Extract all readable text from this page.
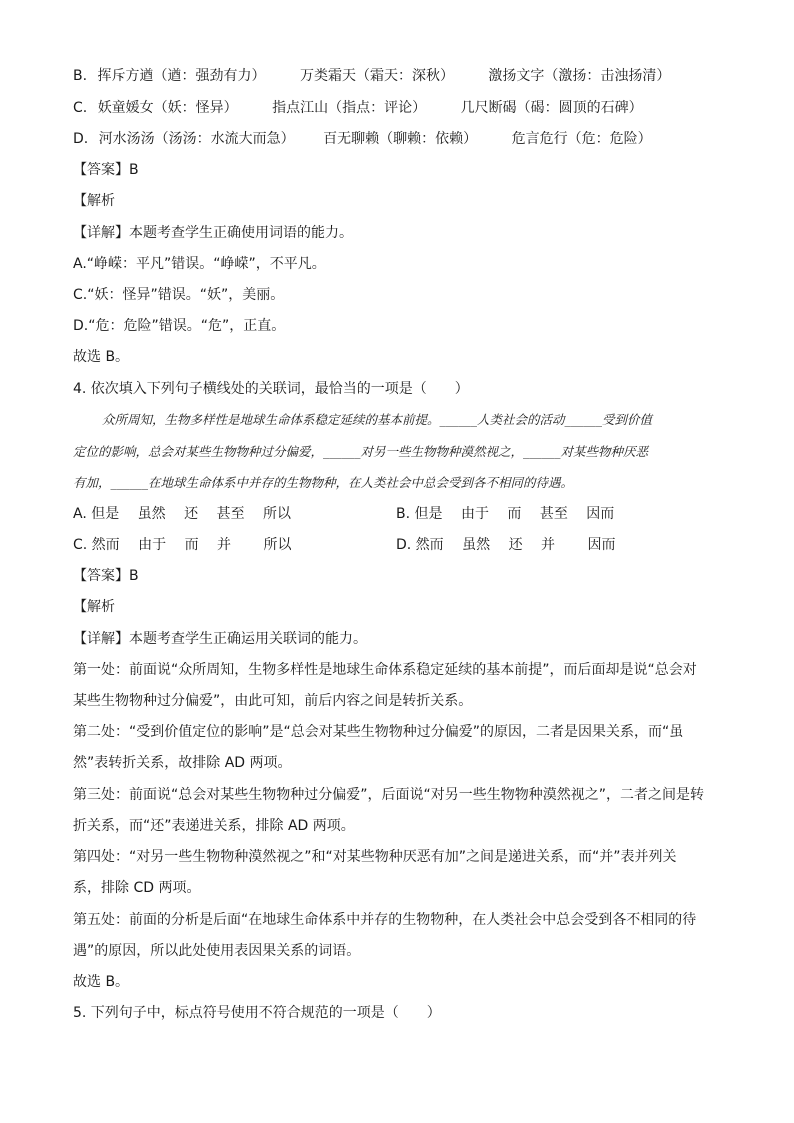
B. 挥斥方遒（遒：强劲有力） 万类霜天（霜天：深秋） 激扬文字（激扬：击浊扬清）
C. 妖童媛女（妖：怪异） 指点江山（指点：评论） 几尺断碣（碣：圆顶的石碑）
D. 河水汤汤（汤汤：水流大而急） 百无聊赖（聊赖：依赖） 危言危行（危：危险）
【答案】B
【解析
【详解】本题考查学生正确使用词语的能力。
A.“峥嵘：平凡”错误。“峥嵘”，不平凡。
C.“妖：怪异”错误。“妖”，美丽。
D.“危：危险”错误。“危”，正直。
故选 B。
4. 依次填入下列句子横线处的关联词，最恰当的一项是（　　）
众所周知，生物多样性是地球生命体系稳定延续的基本前提。______人类社会的活动______受到价值
定位的影响，总会对某些生物物种过分偏爱，______对另一些生物物种漠然视之，______对某些物种厌恶
有加，______在地球生命体系中并存的生物物种，在人类社会中总会受到各不相同的待遇。
A. 但是　 虽然　 还　 甚至　 所以	B. 但是　 由于　 而　 甚至　 因而
C. 然而　 由于　 而　 并　　 所以	D. 然而　 虽然　 还　 并　　 因而
【答案】B
【解析
【详解】本题考查学生正确运用关联词的能力。
第一处：前面说“众所周知，生物多样性是地球生命体系稳定延续的基本前提”，而后面却是说“总会对
某些生物物种过分偏爱”，由此可知，前后内容之间是转折关系。
第二处：“受到价值定位的影响”是“总会对某些生物物种过分偏爱”的原因，二者是因果关系，而“虽
然”表转折关系，故排除 AD 两项。
第三处：前面说“总会对某些生物物种过分偏爱”，后面说“对另一些生物物种漠然视之”，二者之间是转
折关系，而“还”表递进关系，排除 AD 两项。
第四处：“对另一些生物物种漠然视之”和“对某些物种厌恶有加”之间是递进关系，而“并”表并列关
系，排除 CD 两项。
第五处：前面的分析是后面“在地球生命体系中并存的生物物种，在人类社会中总会受到各不相同的待
遇”的原因，所以此处使用表因果关系的词语。
故选 B。
5. 下列句子中，标点符号使用不符合规范的一项是（　　）
